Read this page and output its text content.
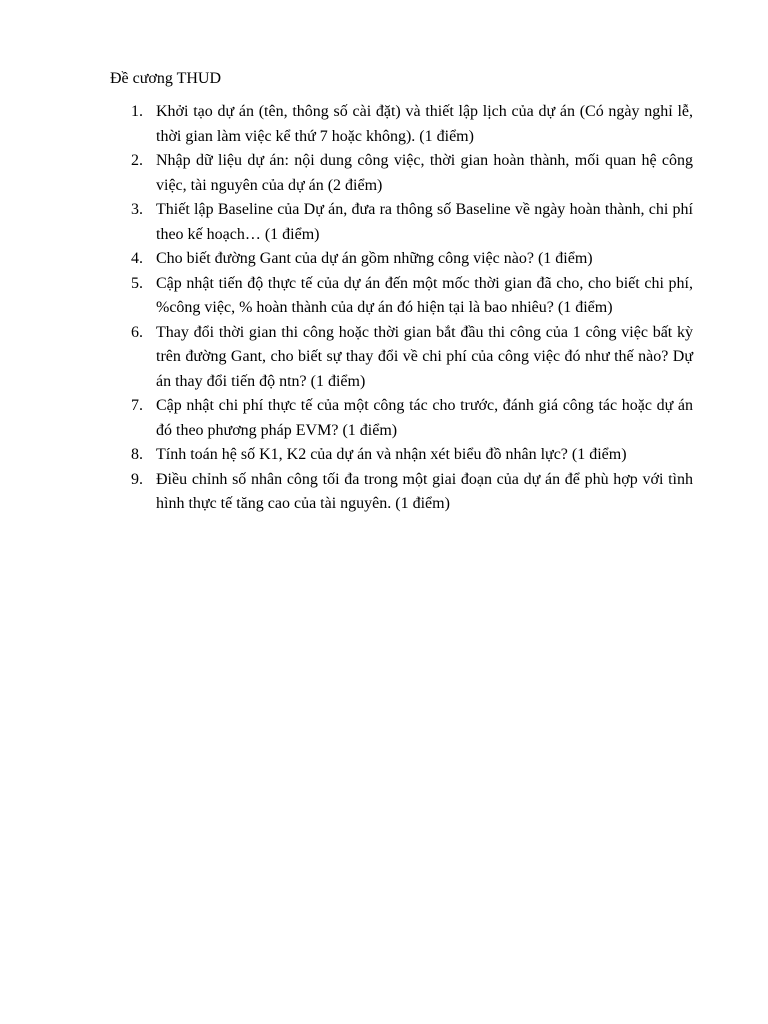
Đề cương THUD
1. Khởi tạo dự án (tên, thông số cài đặt) và thiết lập lịch của dự án (Có ngày nghỉ lễ, thời gian làm việc kể thứ 7 hoặc không). (1 điểm)
2. Nhập dữ liệu dự án: nội dung công việc, thời gian hoàn thành, mối quan hệ công việc, tài nguyên của dự án (2 điểm)
3. Thiết lập Baseline của Dự án, đưa ra thông số Baseline về ngày hoàn thành, chi phí theo kế hoạch… (1 điểm)
4. Cho biết đường Gant của dự án gồm những công việc nào? (1 điểm)
5. Cập nhật tiến độ thực tế của dự án đến một mốc thời gian đã cho, cho biết chi phí, %công việc, % hoàn thành của dự án đó hiện tại là bao nhiêu? (1 điểm)
6. Thay đổi thời gian thi công hoặc thời gian bắt đầu thi công của 1 công việc bất kỳ trên đường Gant, cho biết sự thay đổi về chi phí của công việc đó như thế nào? Dự án thay đổi tiến độ ntn? (1 điểm)
7. Cập nhật chi phí thực tế của một công tác cho trước, đánh giá công tác hoặc dự án đó theo phương pháp EVM? (1 điểm)
8. Tính toán hệ số K1, K2 của dự án và nhận xét biểu đồ nhân lực? (1 điểm)
9. Điều chỉnh số nhân công tối đa trong một giai đoạn của dự án để phù hợp với tình hình thực tế tăng cao của tài nguyên. (1 điểm)
